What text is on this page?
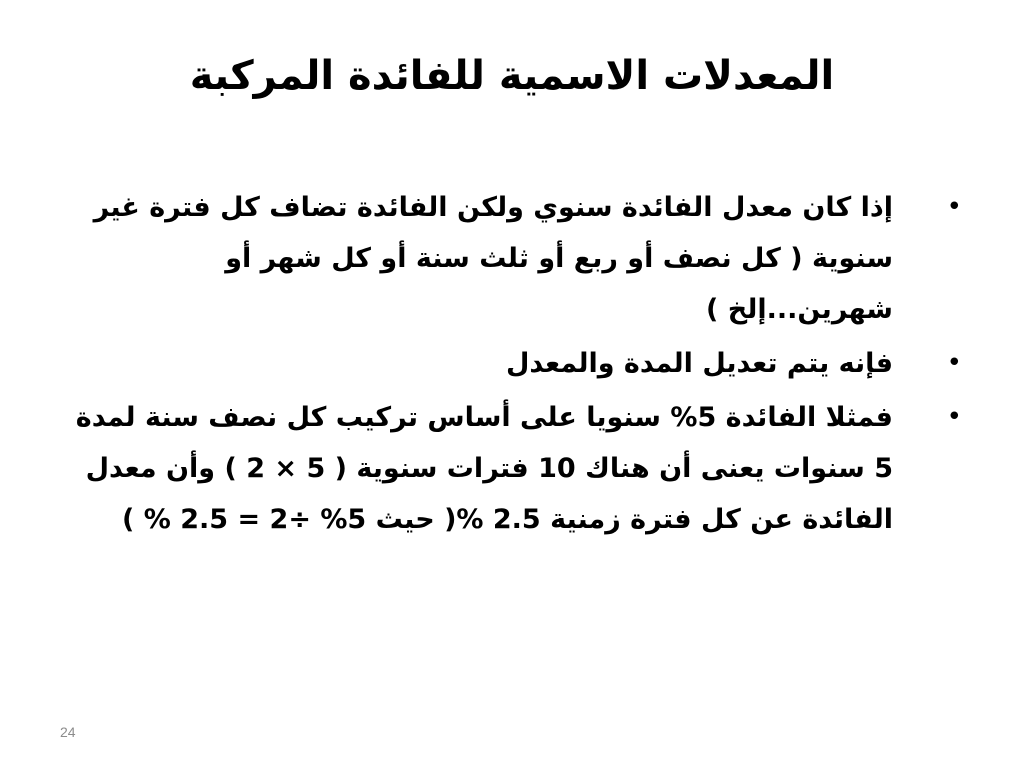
المعدلات الاسمية للفائدة المركبة
•
إذا كان معدل الفائدة سنوي ولكن الفائدة تضاف كل فترة غير سنوية ( كل نصف أو ربع أو ثلث سنة أو كل شهر أو شهرين...إلخ )
•
فإنه يتم تعديل المدة والمعدل
•
فمثلا الفائدة 5% سنويا على أساس تركيب كل نصف سنة لمدة 5 سنوات يعنى أن هناك 10 فترات سنوية ( 5 × 2 ) وأن معدل الفائدة عن كل فترة زمنية 2.5 %( حيث 5% ÷2 = 2.5 % )
24
